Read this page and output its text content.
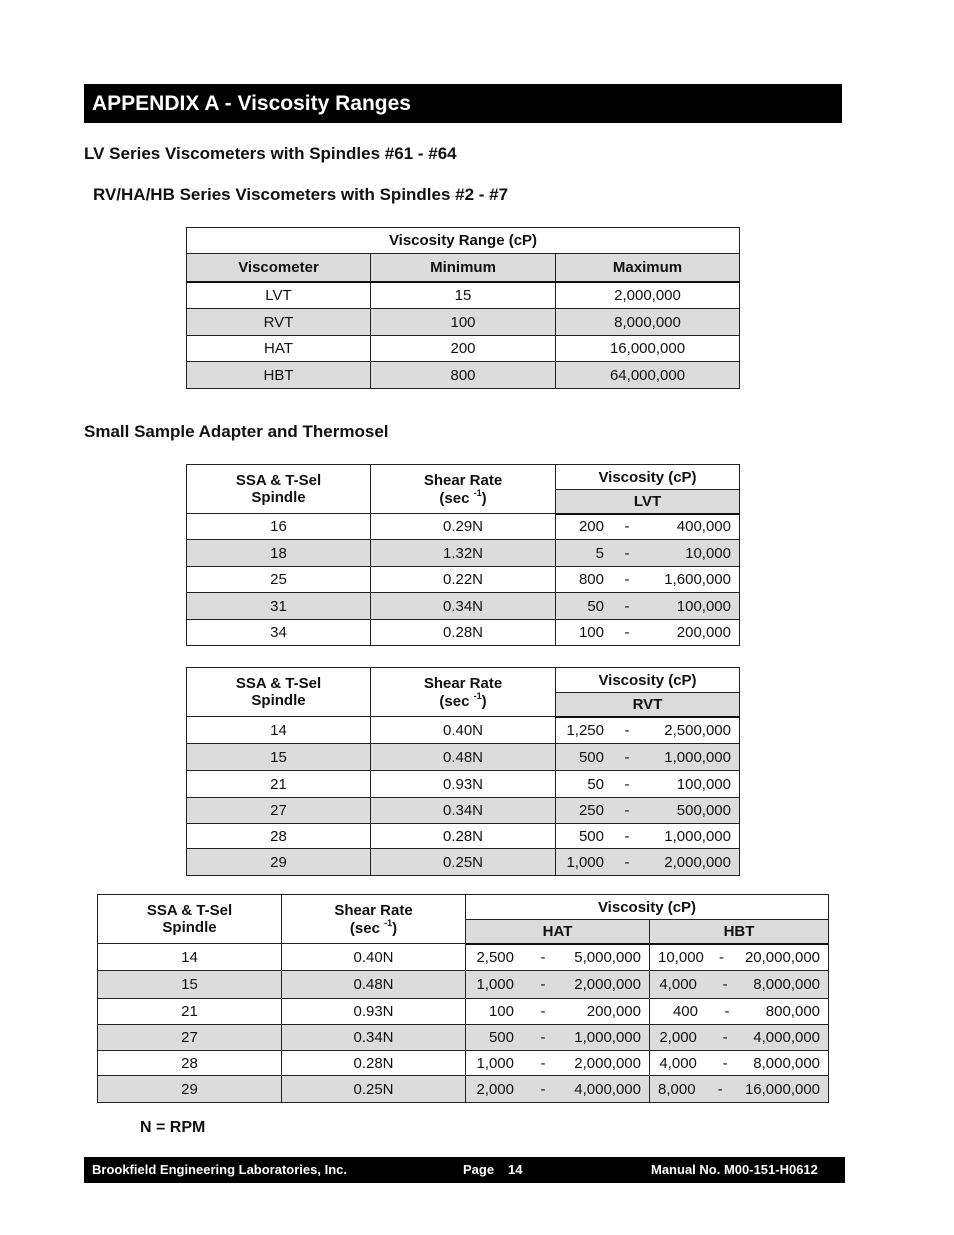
APPENDIX A - Viscosity Ranges
LV Series Viscometers with Spindles #61 - #64
RV/HA/HB Series Viscometers with Spindles #2 - #7
Viscosity Range (cP)		
Viscometer	Minimum	Maximum
LVT	15	2,000,000
RVT	100	8,000,000
HAT	200	16,000,000
HBT	800	64,000,000
Small Sample Adapter and Thermosel
SSA & T-Sel
Spindle	Shear Rate
(sec $^{-1}$)	Viscosity (cP)
		LVT
16	0.29N	200 - 400,000

18	1.32N	5 - 10,000

25	0.22N	800 - 1,600,000

31	0.34N	50 - 100,000

34	0.28N	100 - 200,000
SSA & T-Sel
Spindle	Shear Rate
(sec $^{-1}$)	Viscosity (cP)
		RVT
14	0.40N	1,250 - 2,500,000

15	0.48N	500 - 1,000,000

21	0.93N	50 - 100,000

27	0.34N	250 - 500,000

28	0.28N	500 - 1,000,000

29	0.25N	1,000 - 2,000,000
SSA & T-Sel
Spindle	Shear Rate
(sec $^{-1}$)	Viscosity (cP)	
		HAT	HBT
14	0.40N	2,500 - 5,000,000	10,000 - 20,000,000

15	0.48N	1,000 - 2,000,000	4,000 - 8,000,000

21	0.93N	100 - 200,000	400 - 800,000

27	0.34N	500 - 1,000,000	2,000 - 4,000,000

28	0.28N	1,000 - 2,000,000	4,000 - 8,000,000

29	0.25N	2,000 - 4,000,000	8,000 - 16,000,000
N = RPM
Brookfield Engineering Laboratories, Inc.	Page 14	Manual No. M00-151-H0612
